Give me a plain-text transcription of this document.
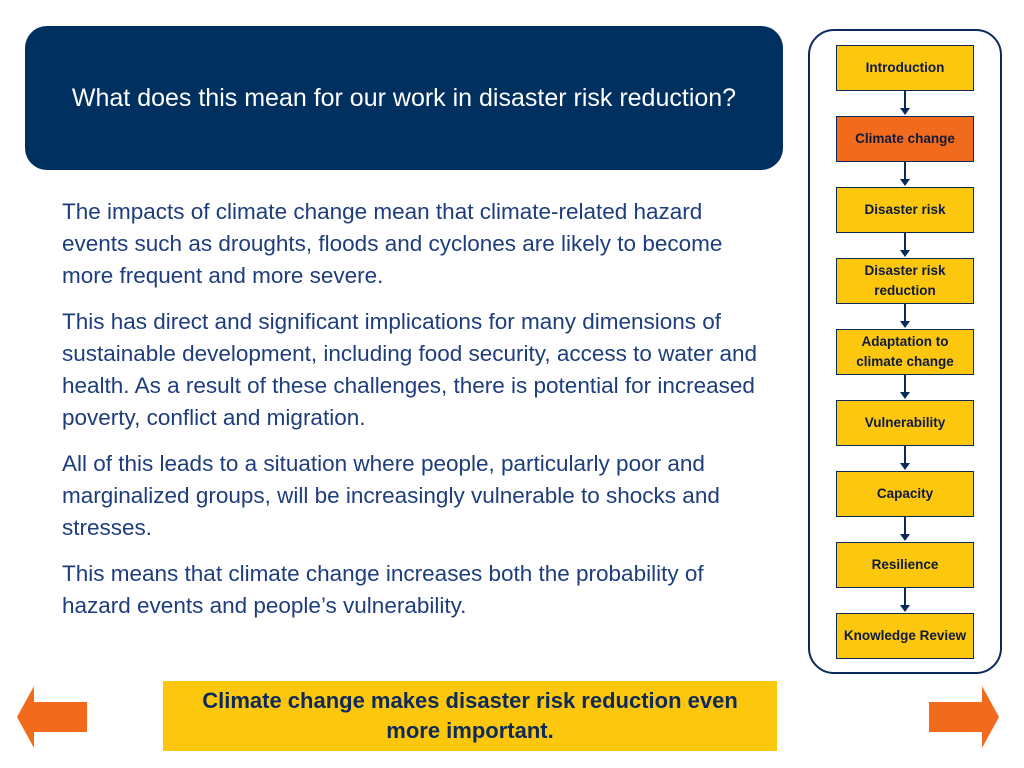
What does this mean for our work in disaster risk reduction?

The impacts of climate change mean that climate-related hazard events such as droughts, floods and cyclones are likely to become more frequent and more severe.

This has direct and significant implications for many dimensions of sustainable development, including food security, access to water and health. As a result of these challenges, there is potential for increased poverty, conflict and migration.

All of this leads to a situation where people, particularly poor and marginalized groups, will be increasingly vulnerable to shocks and stresses.

This means that climate change increases both the probability of hazard events and people’s vulnerability.

Climate change makes disaster risk reduction even more important.
Introduction
Climate change
Disaster risk
Disaster risk reduction
Adaptation to climate change
Vulnerability
Capacity
Resilience
Knowledge Review
